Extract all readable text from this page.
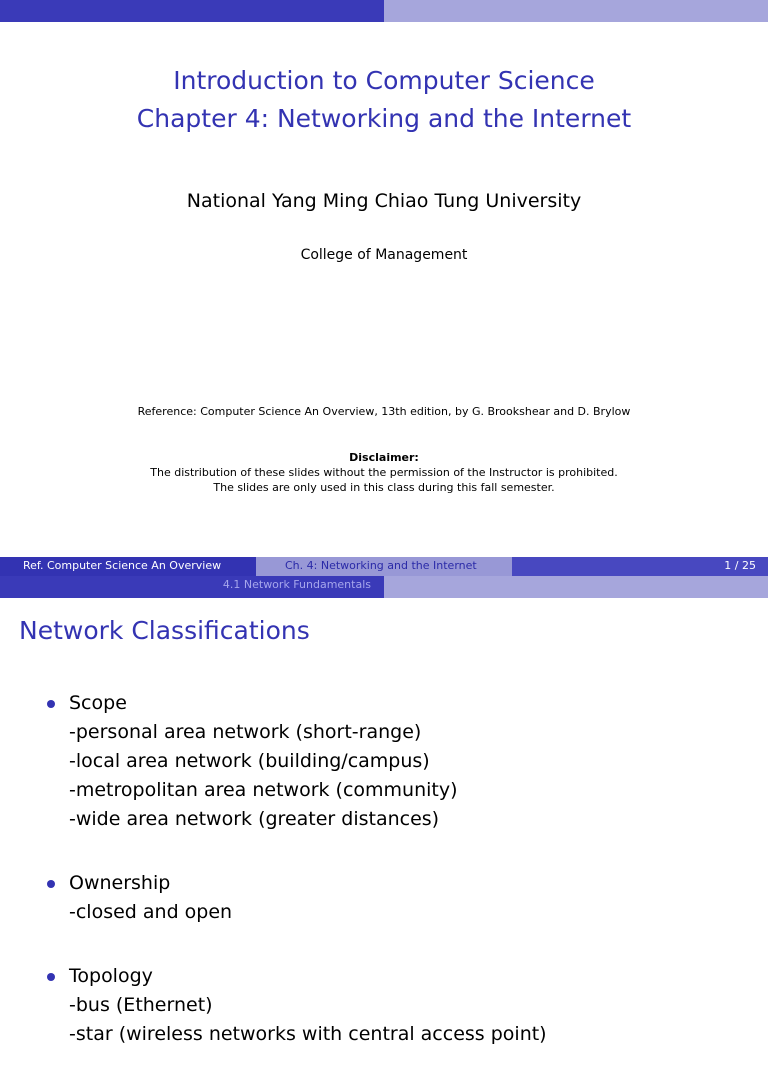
Introduction to Computer Science
Chapter 4: Networking and the Internet
National Yang Ming Chiao Tung University
College of Management
Reference: Computer Science An Overview, 13th edition, by G. Brookshear and D. Brylow
Disclaimer:
The distribution of these slides without the permission of the Instructor is prohibited.
The slides are only used in this class during this fall semester.
Ref. Computer Science An Overview	Ch. 4: Networking and the Internet	1 / 25
4.1 Network Fundamentals
Network Classifications
Scope
-personal area network (short-range)
-local area network (building/campus)
-metropolitan area network (community)
-wide area network (greater distances)
Ownership
-closed and open
Topology
-bus (Ethernet)
-star (wireless networks with central access point)
